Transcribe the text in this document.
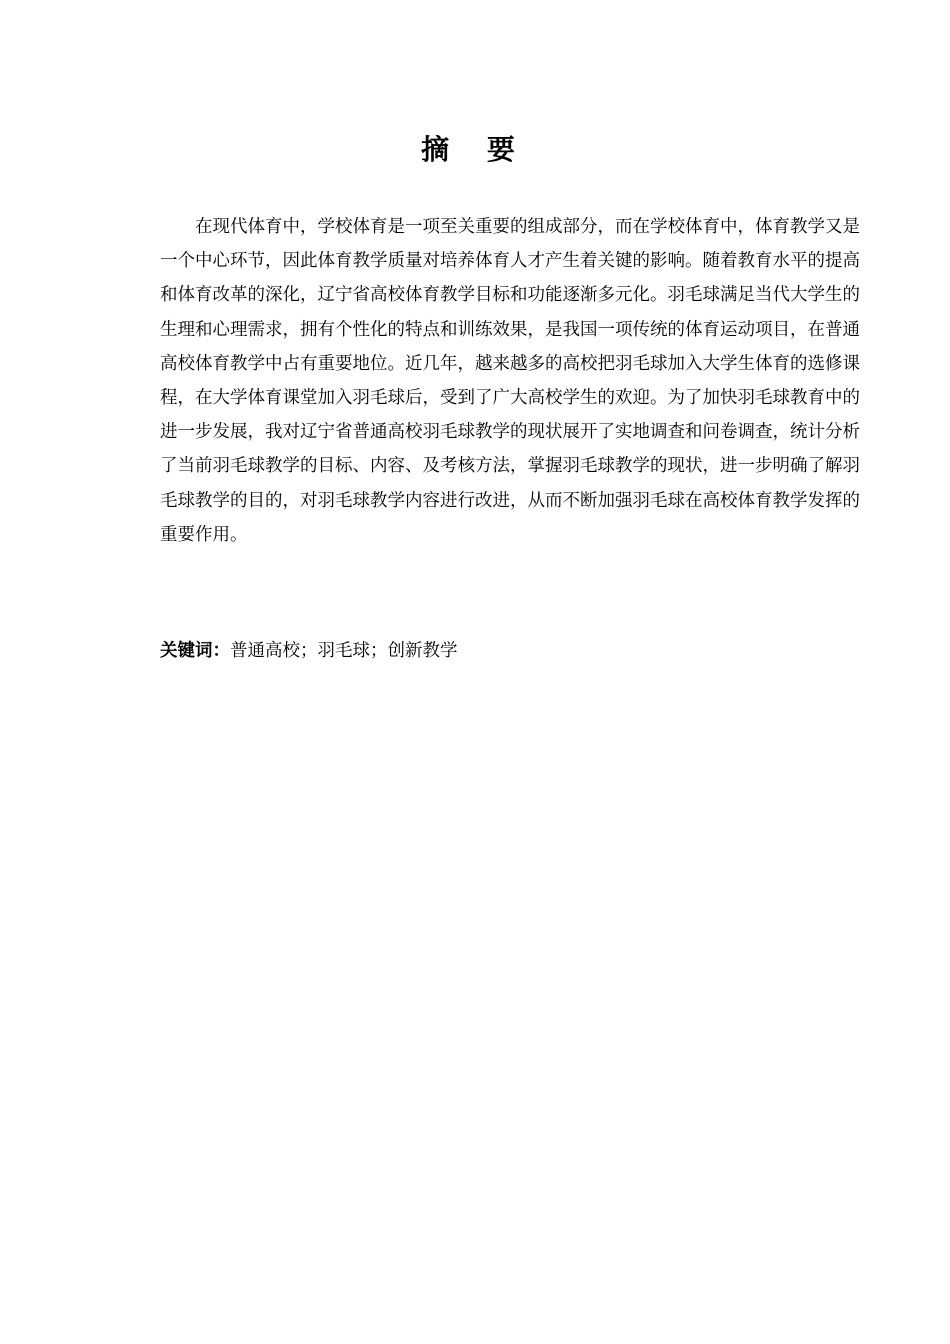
摘 要

在现代体育中，学校体育是一项至关重要的组成部分，而在学校体育中，体育教学又是一个中心环节，因此体育教学质量对培养体育人才产生着关键的影响。随着教育水平的提高和体育改革的深化，辽宁省高校体育教学目标和功能逐渐多元化。羽毛球满足当代大学生的生理和心理需求，拥有个性化的特点和训练效果，是我国一项传统的体育运动项目，在普通高校体育教学中占有重要地位。近几年，越来越多的高校把羽毛球加入大学生体育的选修课程，在大学体育课堂加入羽毛球后，受到了广大高校学生的欢迎。为了加快羽毛球教育中的进一步发展，我对辽宁省普通高校羽毛球教学的现状展开了实地调查和问卷调查，统计分析了当前羽毛球教学的目标、内容、及考核方法，掌握羽毛球教学的现状，进一步明确了解羽毛球教学的目的，对羽毛球教学内容进行改进，从而不断加强羽毛球在高校体育教学发挥的重要作用。

关键词：普通高校；羽毛球；创新教学
